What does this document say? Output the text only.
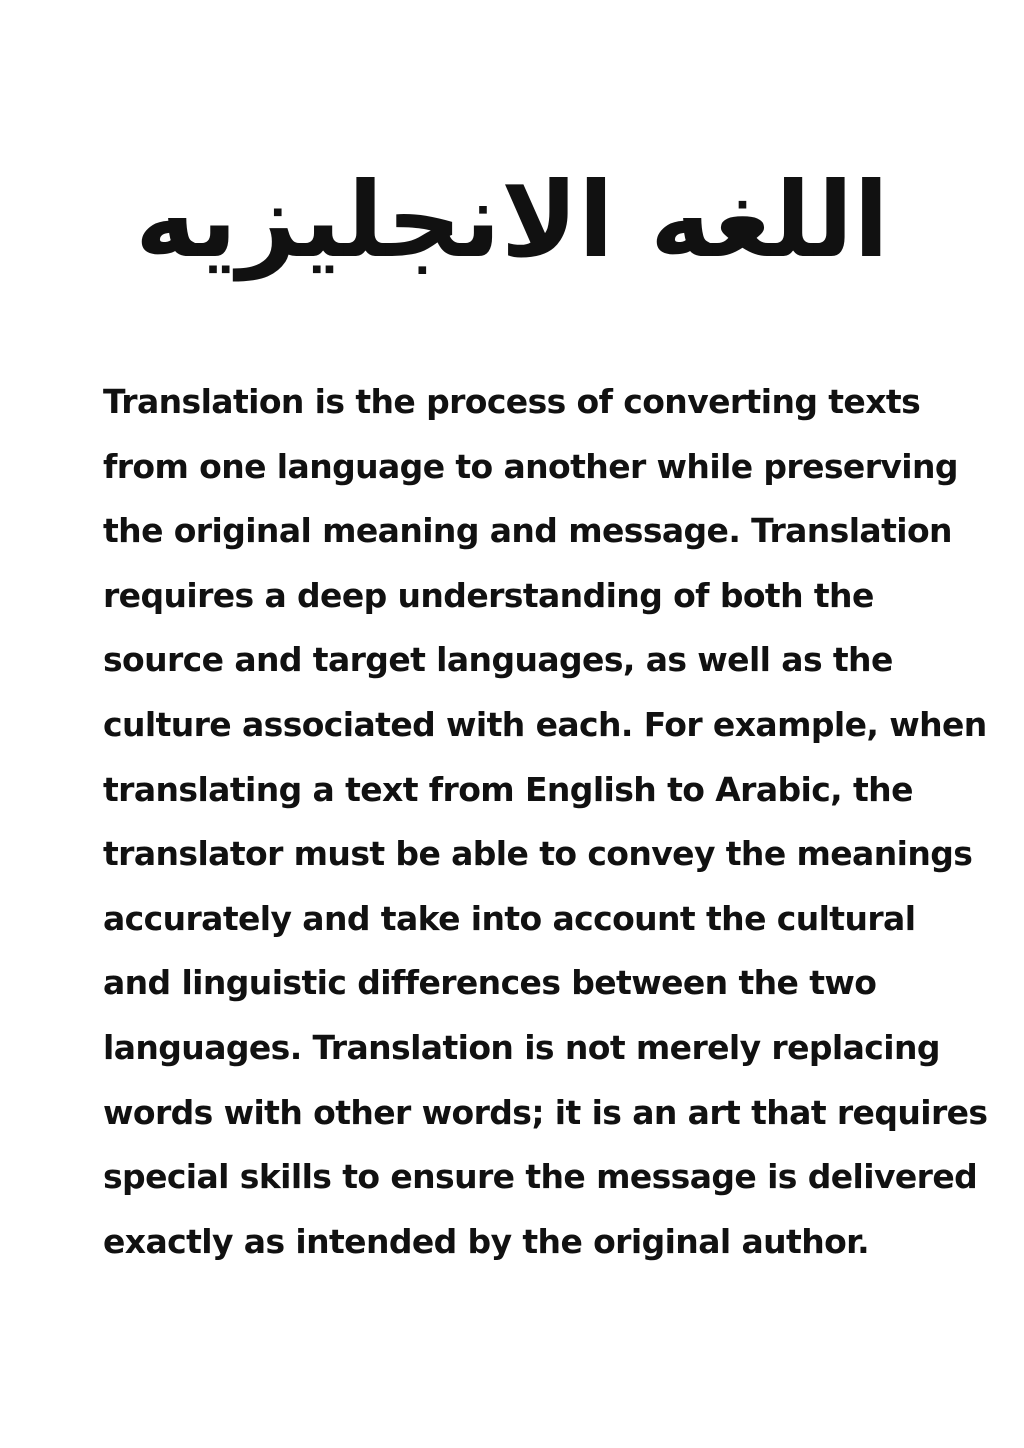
اللغه الانجليزيه

Translation is the process of converting texts
from one language to another while preserving
the original meaning and message. Translation
requires a deep understanding of both the
source and target languages, as well as the
culture associated with each. For example, when
translating a text from English to Arabic, the
translator must be able to convey the meanings
accurately and take into account the cultural
and linguistic differences between the two
languages. Translation is not merely replacing
words with other words; it is an art that requires
special skills to ensure the message is delivered
exactly as intended by the original author.
